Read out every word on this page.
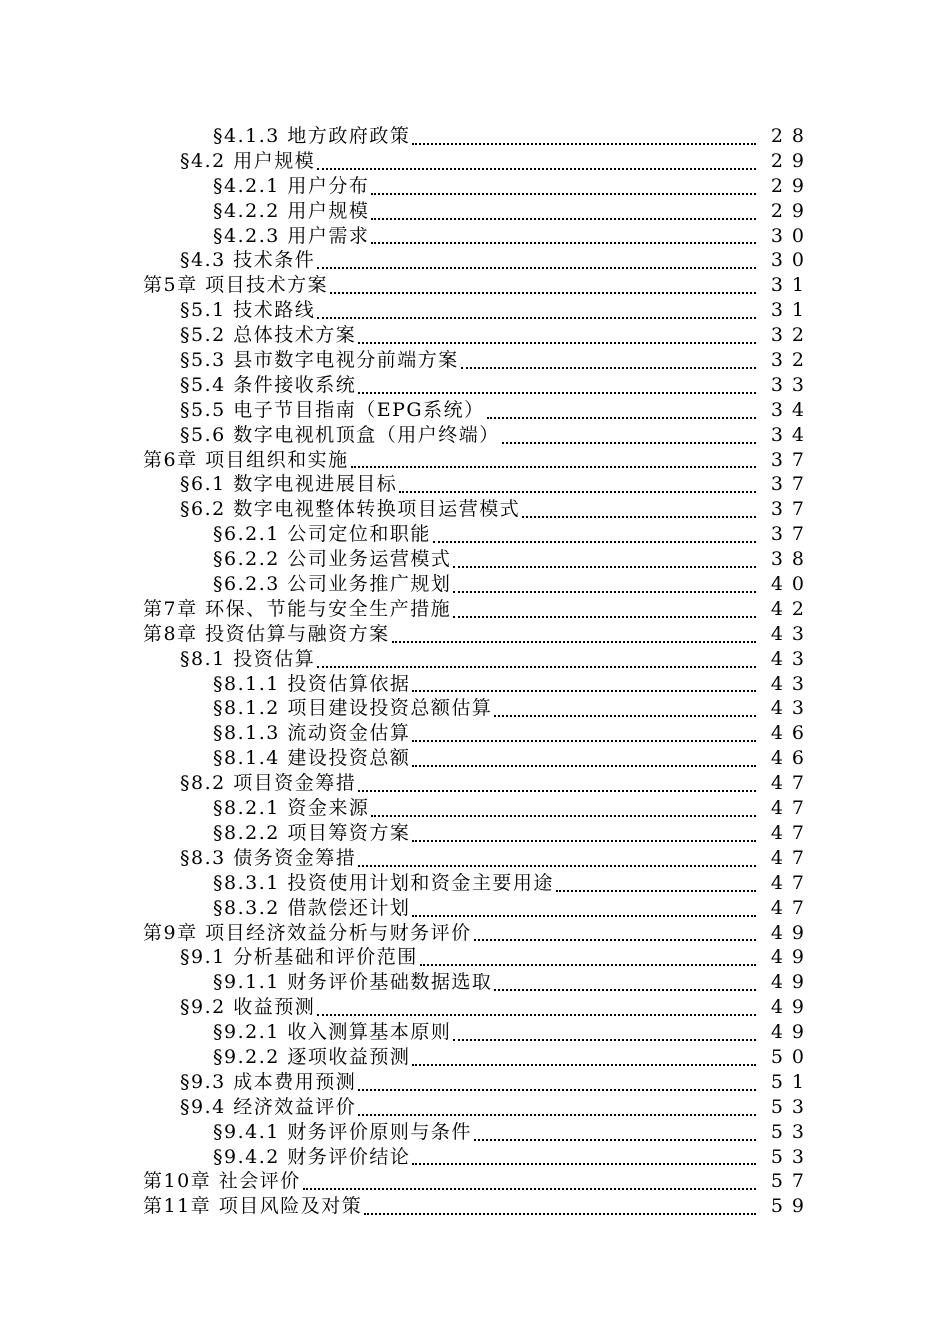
§4.1.3 地方政府政策	28
§4.2 用户规模	29
§4.2.1 用户分布	29
§4.2.2 用户规模	29
§4.2.3 用户需求	30
§4.3 技术条件	30
第5章 项目技术方案	31
§5.1 技术路线	31
§5.2 总体技术方案	32
§5.3 县市数字电视分前端方案	32
§5.4 条件接收系统	33
§5.5 电子节目指南（EPG系统）	34
§5.6 数字电视机顶盒（用户终端）	34
第6章 项目组织和实施	37
§6.1 数字电视进展目标	37
§6.2 数字电视整体转换项目运营模式	37
§6.2.1 公司定位和职能	37
§6.2.2 公司业务运营模式	38
§6.2.3 公司业务推广规划	40
第7章 环保、节能与安全生产措施	42
第8章 投资估算与融资方案	43
§8.1 投资估算	43
§8.1.1 投资估算依据	43
§8.1.2 项目建设投资总额估算	43
§8.1.3 流动资金估算	46
§8.1.4 建设投资总额	46
§8.2 项目资金筹措	47
§8.2.1 资金来源	47
§8.2.2 项目筹资方案	47
§8.3 债务资金筹措	47
§8.3.1 投资使用计划和资金主要用途	47
§8.3.2 借款偿还计划	47
第9章 项目经济效益分析与财务评价	49
§9.1 分析基础和评价范围	49
§9.1.1 财务评价基础数据选取	49
§9.2 收益预测	49
§9.2.1 收入测算基本原则	49
§9.2.2 逐项收益预测	50
§9.3 成本费用预测	51
§9.4 经济效益评价	53
§9.4.1 财务评价原则与条件	53
§9.4.2 财务评价结论	53
第10章 社会评价	57
第11章 项目风险及对策	59
